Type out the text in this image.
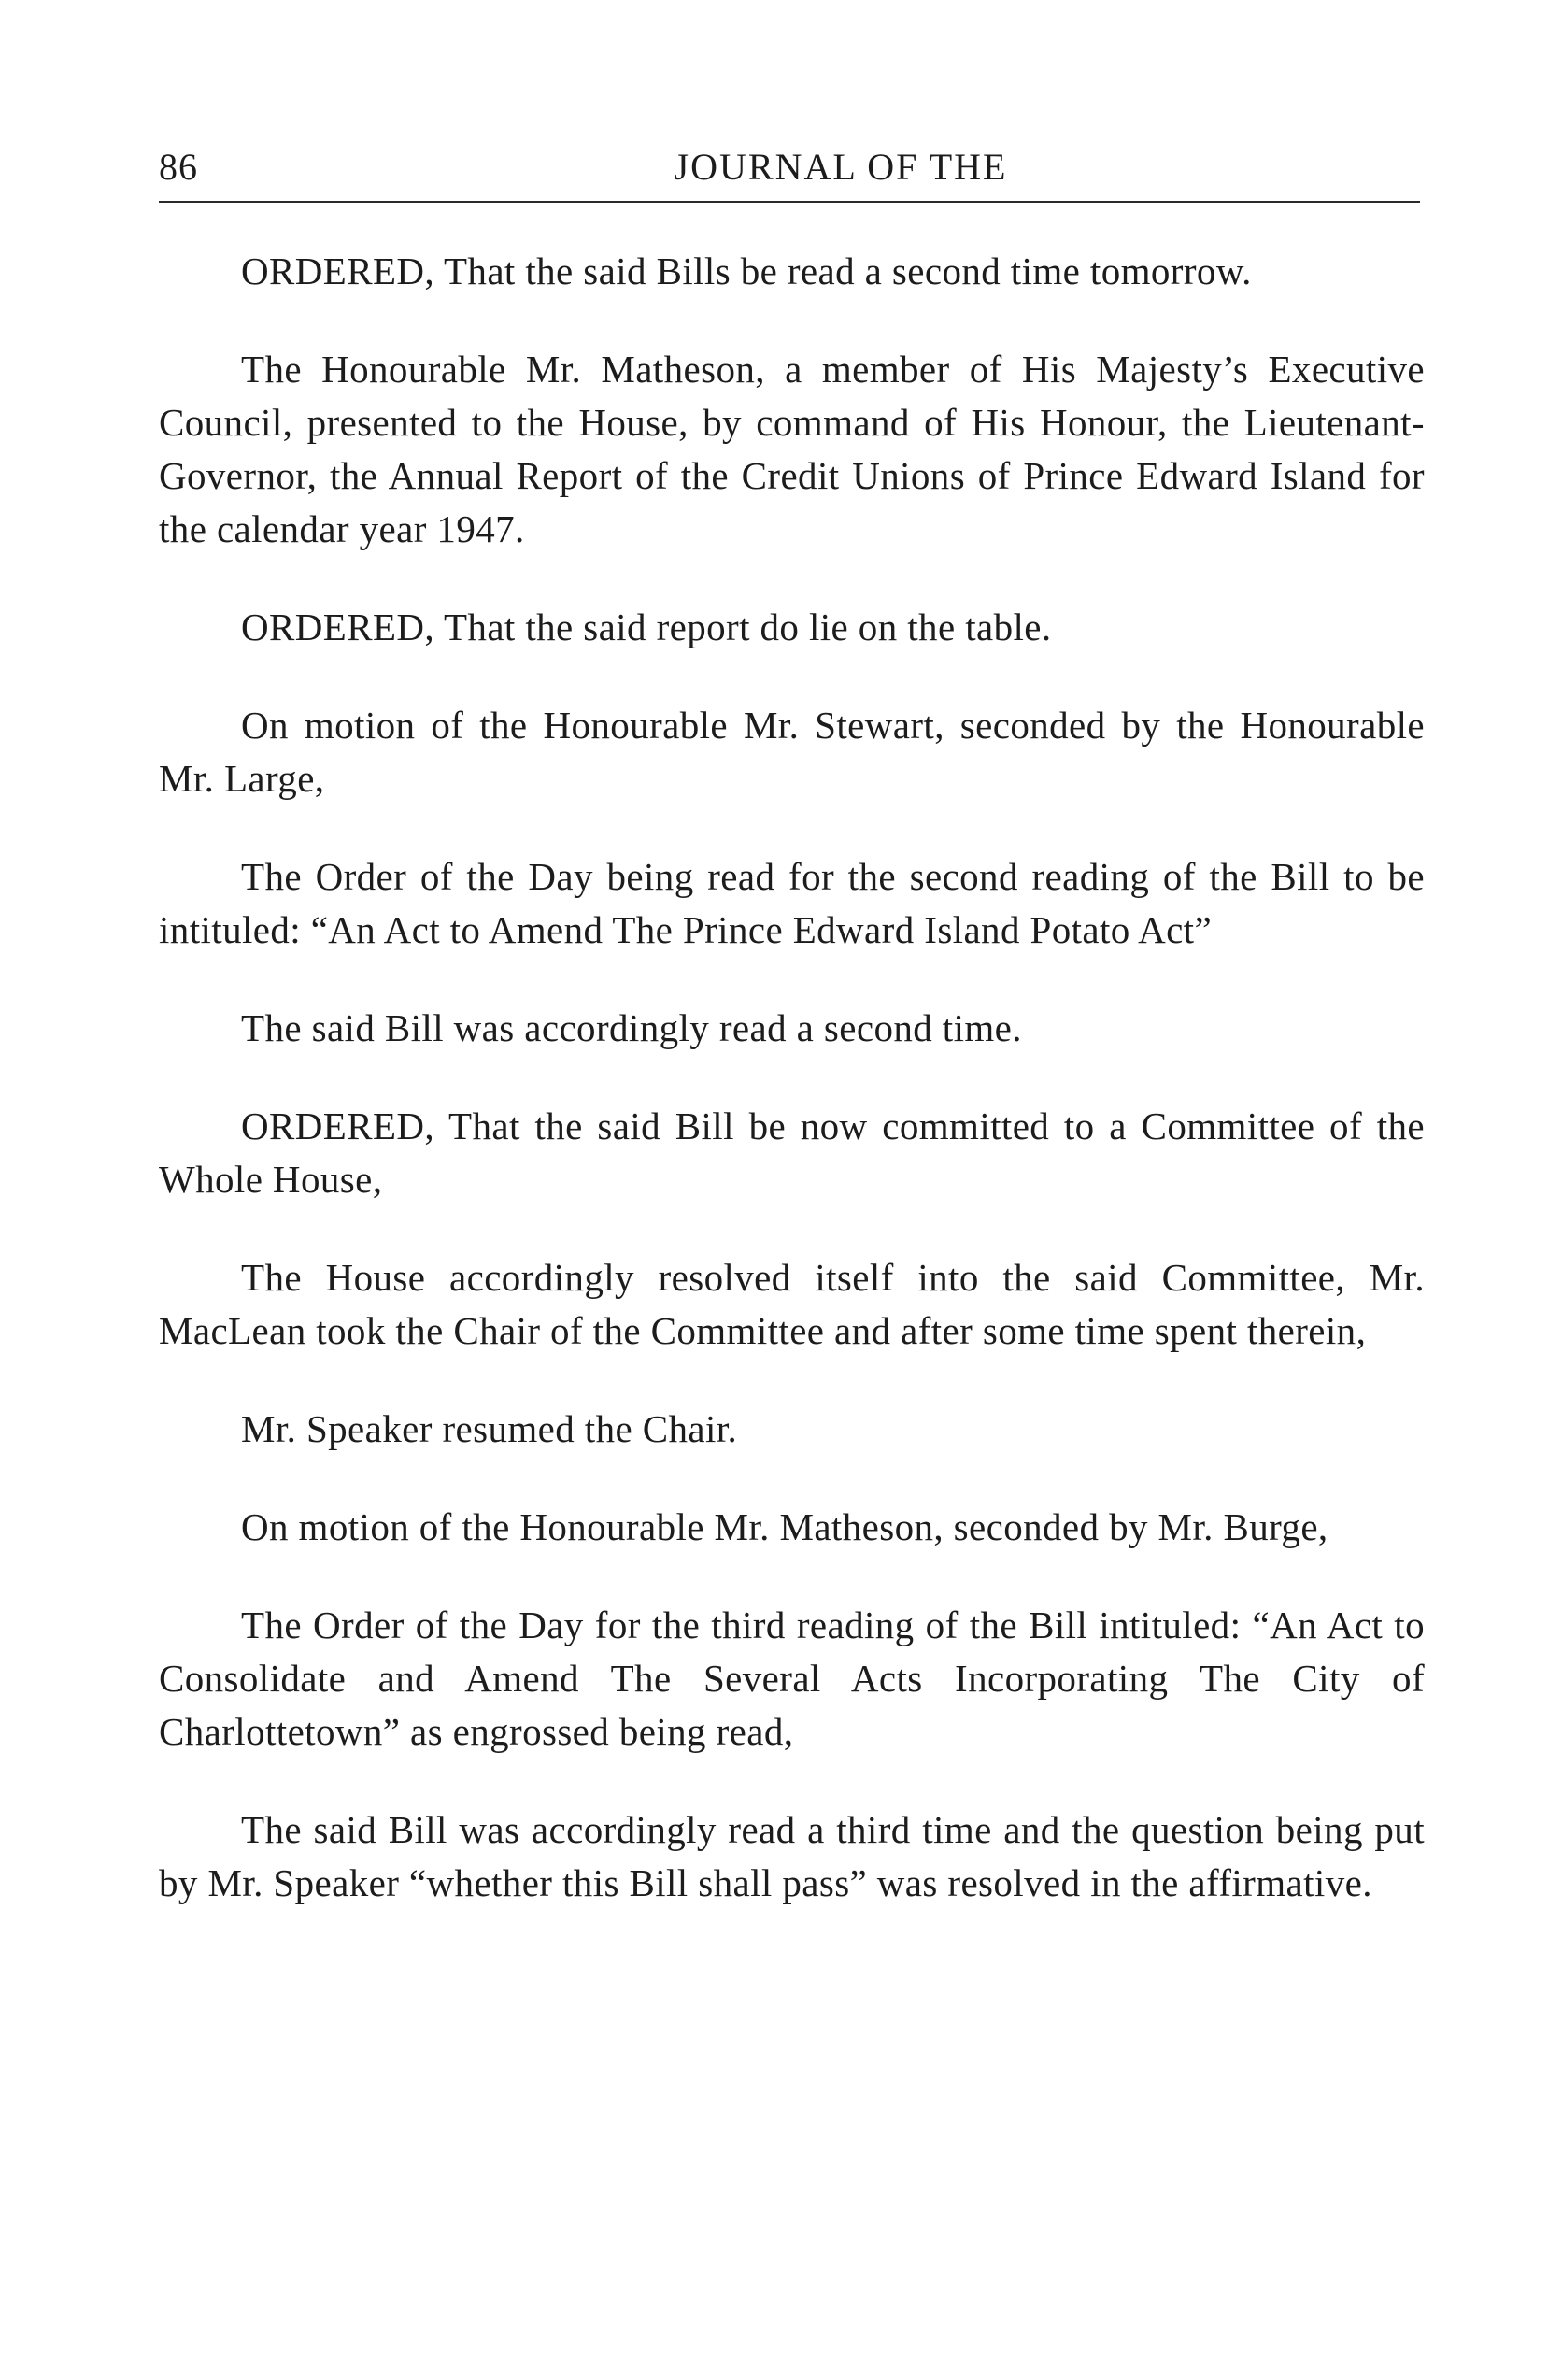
86	JOURNAL OF THE

ORDERED, That the said Bills be read a second time tomorrow.

The Honourable Mr. Matheson, a member of His Majesty’s Executive Council, presented to the House, by command of His Honour, the Lieutenant-Governor, the Annual Report of the Credit Unions of Prince Edward Island for the calendar year 1947.

ORDERED, That the said report do lie on the table.

On motion of the Honourable Mr. Stewart, seconded by the Honourable Mr. Large,

The Order of the Day being read for the second reading of the Bill to be intituled: “An Act to Amend The Prince Edward Island Potato Act”

The said Bill was accordingly read a second time.

ORDERED, That the said Bill be now committed to a Committee of the Whole House,

The House accordingly resolved itself into the said Committee, Mr. MacLean took the Chair of the Committee and after some time spent therein,

Mr. Speaker resumed the Chair.

On motion of the Honourable Mr. Matheson, seconded by Mr. Burge,

The Order of the Day for the third reading of the Bill intituled: “An Act to Consolidate and Amend The Several Acts Incorporating The City of Charlottetown” as engrossed being read,

The said Bill was accordingly read a third time and the question being put by Mr. Speaker “whether this Bill shall pass” was resolved in the affirmative.
